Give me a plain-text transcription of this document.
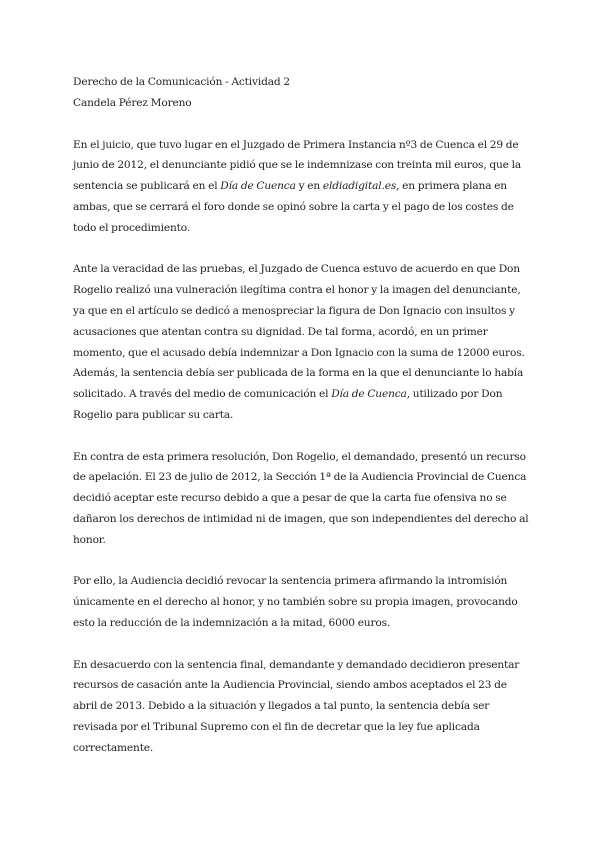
Derecho de la Comunicación - Actividad 2

Candela Pérez Moreno

En el juicio, que tuvo lugar en el Juzgado de Primera Instancia nº3 de Cuenca el 29 de junio de 2012, el denunciante pidió que se le indemnizase con treinta mil euros, que la sentencia se publicará en el Día de Cuenca y en eldiadigital.es, en primera plana en ambas, que se cerrará el foro donde se opinó sobre la carta y el pago de los costes de todo el procedimiento.

Ante la veracidad de las pruebas, el Juzgado de Cuenca estuvo de acuerdo en que Don Rogelio realizó una vulneración ilegítima contra el honor y la imagen del denunciante, ya que en el artículo se dedicó a menospreciar la figura de Don Ignacio con insultos y acusaciones que atentan contra su dignidad. De tal forma, acordó, en un primer momento, que el acusado debía indemnizar a Don Ignacio con la suma de 12000 euros. Además, la sentencia debía ser publicada de la forma en la que el denunciante lo había solicitado. A través del medio de comunicación el Día de Cuenca, utilizado por Don Rogelio para publicar su carta.

En contra de esta primera resolución, Don Rogelio, el demandado, presentó un recurso de apelación. El 23 de julio de 2012, la Sección 1ª de la Audiencia Provincial de Cuenca decidió aceptar este recurso debido a que a pesar de que la carta fue ofensiva no se dañaron los derechos de intimidad ni de imagen, que son independientes del derecho al honor.

Por ello, la Audiencia decidió revocar la sentencia primera afirmando la intromisión únicamente en el derecho al honor, y no también sobre su propia imagen, provocando esto la reducción de la indemnización a la mitad, 6000 euros.

En desacuerdo con la sentencia final, demandante y demandado decidieron presentar recursos de casación ante la Audiencia Provincial, siendo ambos aceptados el 23 de abril de 2013. Debido a la situación y llegados a tal punto, la sentencia debía ser revisada por el Tribunal Supremo con el fin de decretar que la ley fue aplicada correctamente.
